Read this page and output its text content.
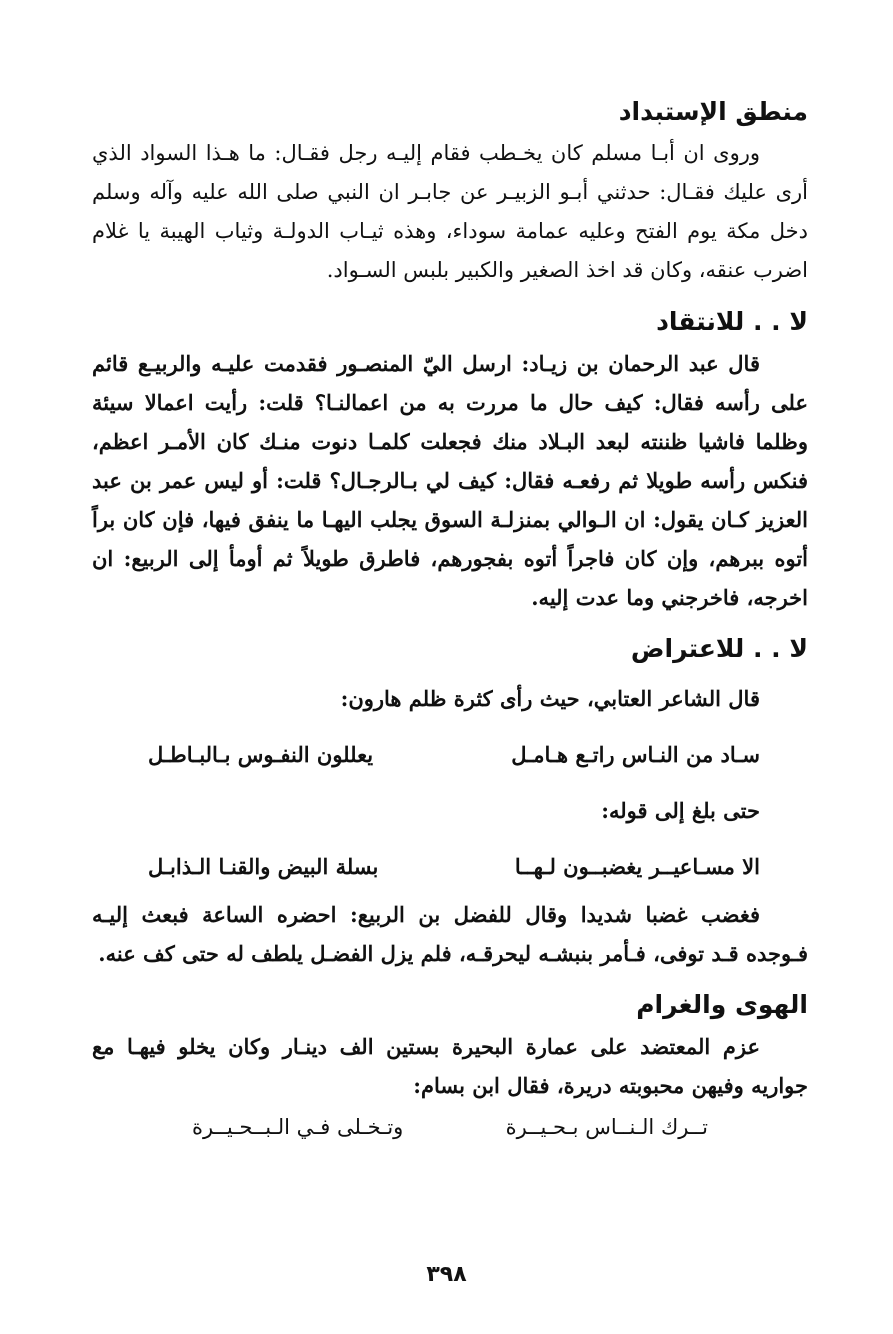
منطق الإستبداد

وروى ان أبـا مسلم كان يخـطب فقام إليـه رجل فقـال: ما هـذا السواد الذي أرى عليك فقـال: حدثني أبـو الزبيـر عن جابـر ان النبي صلى الله عليه وآله وسلم دخل مكة يوم الفتح وعليه عمامة سوداء، وهذه ثيـاب الدولـة وثياب الهيبة يا غلام اضرب عنقه، وكان قد اخذ الصغير والكبير بلبس السـواد.

لا . . للانتقاد

قال عبد الرحمان بن زيـاد: ارسل اليّ المنصـور فقدمت عليـه والربيـع قائم على رأسه فقال: كيف حال ما مررت به من اعمالنـا؟ قلت: رأيت اعمالا سيئة وظلما فاشيا ظننته لبعد البـلاد منك فجعلت كلمـا دنوت منـك كان الأمـر اعظم، فنكس رأسه طويلا ثم رفعـه فقال: كيف لي بـالرجـال؟ قلت: أو ليس عمر بن عبد العزيز كـان يقول: ان الـوالي بمنزلـة السوق يجلب اليهـا ما ينفق فيها، فإن كان براً أتوه ببرهم، وإن كان فاجراً أتوه بفجورهم، فاطرق طويلاً ثم أومأ إلى الربيع: ان اخرجه، فاخرجني وما عدت إليه.

لا . . للاعتراض
قال الشاعر العتابي، حيث رأى كثرة ظلم هارون:
سـاد من النـاس راتـع هـامـل
يعللون النفـوس بـالبـاطـل
حتى بلغ إلى قوله:
الا مسـاعيــر يغضبــون لـهــا
بسلة البيض والقنـا الـذابـل

فغضب غضبا شديدا وقال للفضل بن الربيع: احضره الساعة فبعث إليـه فـوجده قـد توفى، فـأمر بنبشـه ليحرقـه، فلم يزل الفضـل يلطف له حتى كف عنه.

الهوى والغرام

عزم المعتضد على عمارة البحيرة بستين الف دينـار وكان يخلو فيهـا مع جواريه وفيهن محبوبته دريرة، فقال ابن بسام:

تــرك الـنــاس بـحـيــرة
وتـخـلى فـي الـبــحـيــرة
٣٩٨
